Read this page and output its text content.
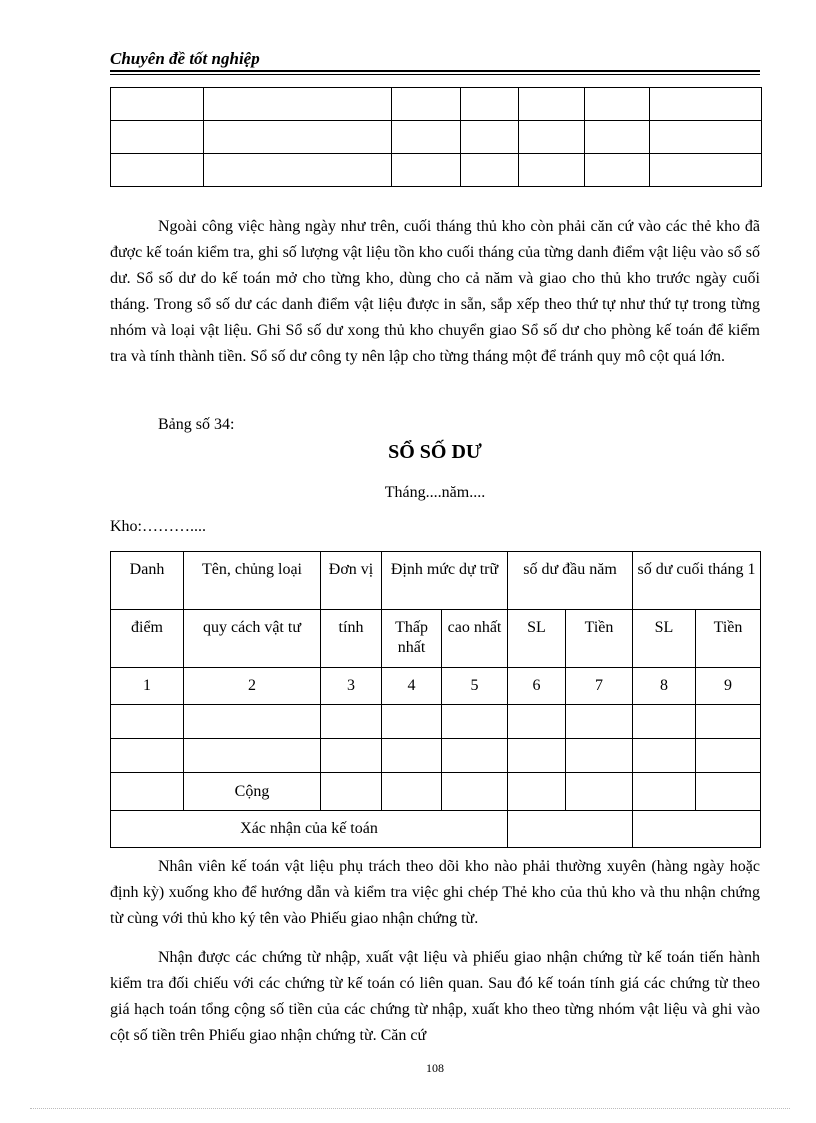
Chuyên đề tốt nghiệp

Ngoài công việc hàng ngày như trên, cuối tháng thủ kho còn phải căn cứ vào các thẻ kho đã được kế toán kiểm tra, ghi số lượng vật liệu tồn kho cuối tháng của từng danh điểm vật liệu vào sổ số dư. Sổ số dư do kế toán mở cho từng kho, dùng cho cả năm và giao cho thủ kho trước ngày cuối tháng. Trong sổ số dư các danh điểm vật liệu được in sẵn, sắp xếp theo thứ tự như thứ tự trong từng nhóm và loại vật liệu. Ghi Sổ số dư xong thủ kho chuyển giao Sổ số dư cho phòng kế toán để kiểm tra và tính thành tiền. Sổ số dư công ty nên lập cho từng tháng một để tránh quy mô cột quá lớn.

Bảng số 34:
SỔ SỐ DƯ
Tháng....năm....
Kho:………....
Danh	Tên, chủng loại	Đơn vị	Định mức dự trữ		số dư đầu năm		số dư cuối tháng 1	
điểm	quy cách vật tư	tính	Thấp nhất	cao nhất	SL	Tiền	SL	Tiền
1	2	3	4	5	6	7	8	9

	Cộng							
Xác nhận của kế toán								

Nhân viên kế toán vật liệu phụ trách theo dõi kho nào phải thường xuyên (hàng ngày hoặc định kỳ) xuống kho để hướng dẫn và kiểm tra việc ghi chép Thẻ kho của thủ kho và thu nhận chứng từ cùng với thủ kho ký tên vào Phiếu giao nhận chứng từ.

Nhận được các chứng từ nhập, xuất vật liệu và phiếu giao nhận chứng từ kế toán tiến hành kiểm tra đối chiếu với các chứng từ kế toán có liên quan. Sau đó kế toán tính giá các chứng từ theo giá hạch toán tổng cộng số tiền của các chứng từ nhập, xuất kho theo từng nhóm vật liệu và ghi vào cột số tiền trên Phiếu giao nhận chứng từ. Căn cứ

108
